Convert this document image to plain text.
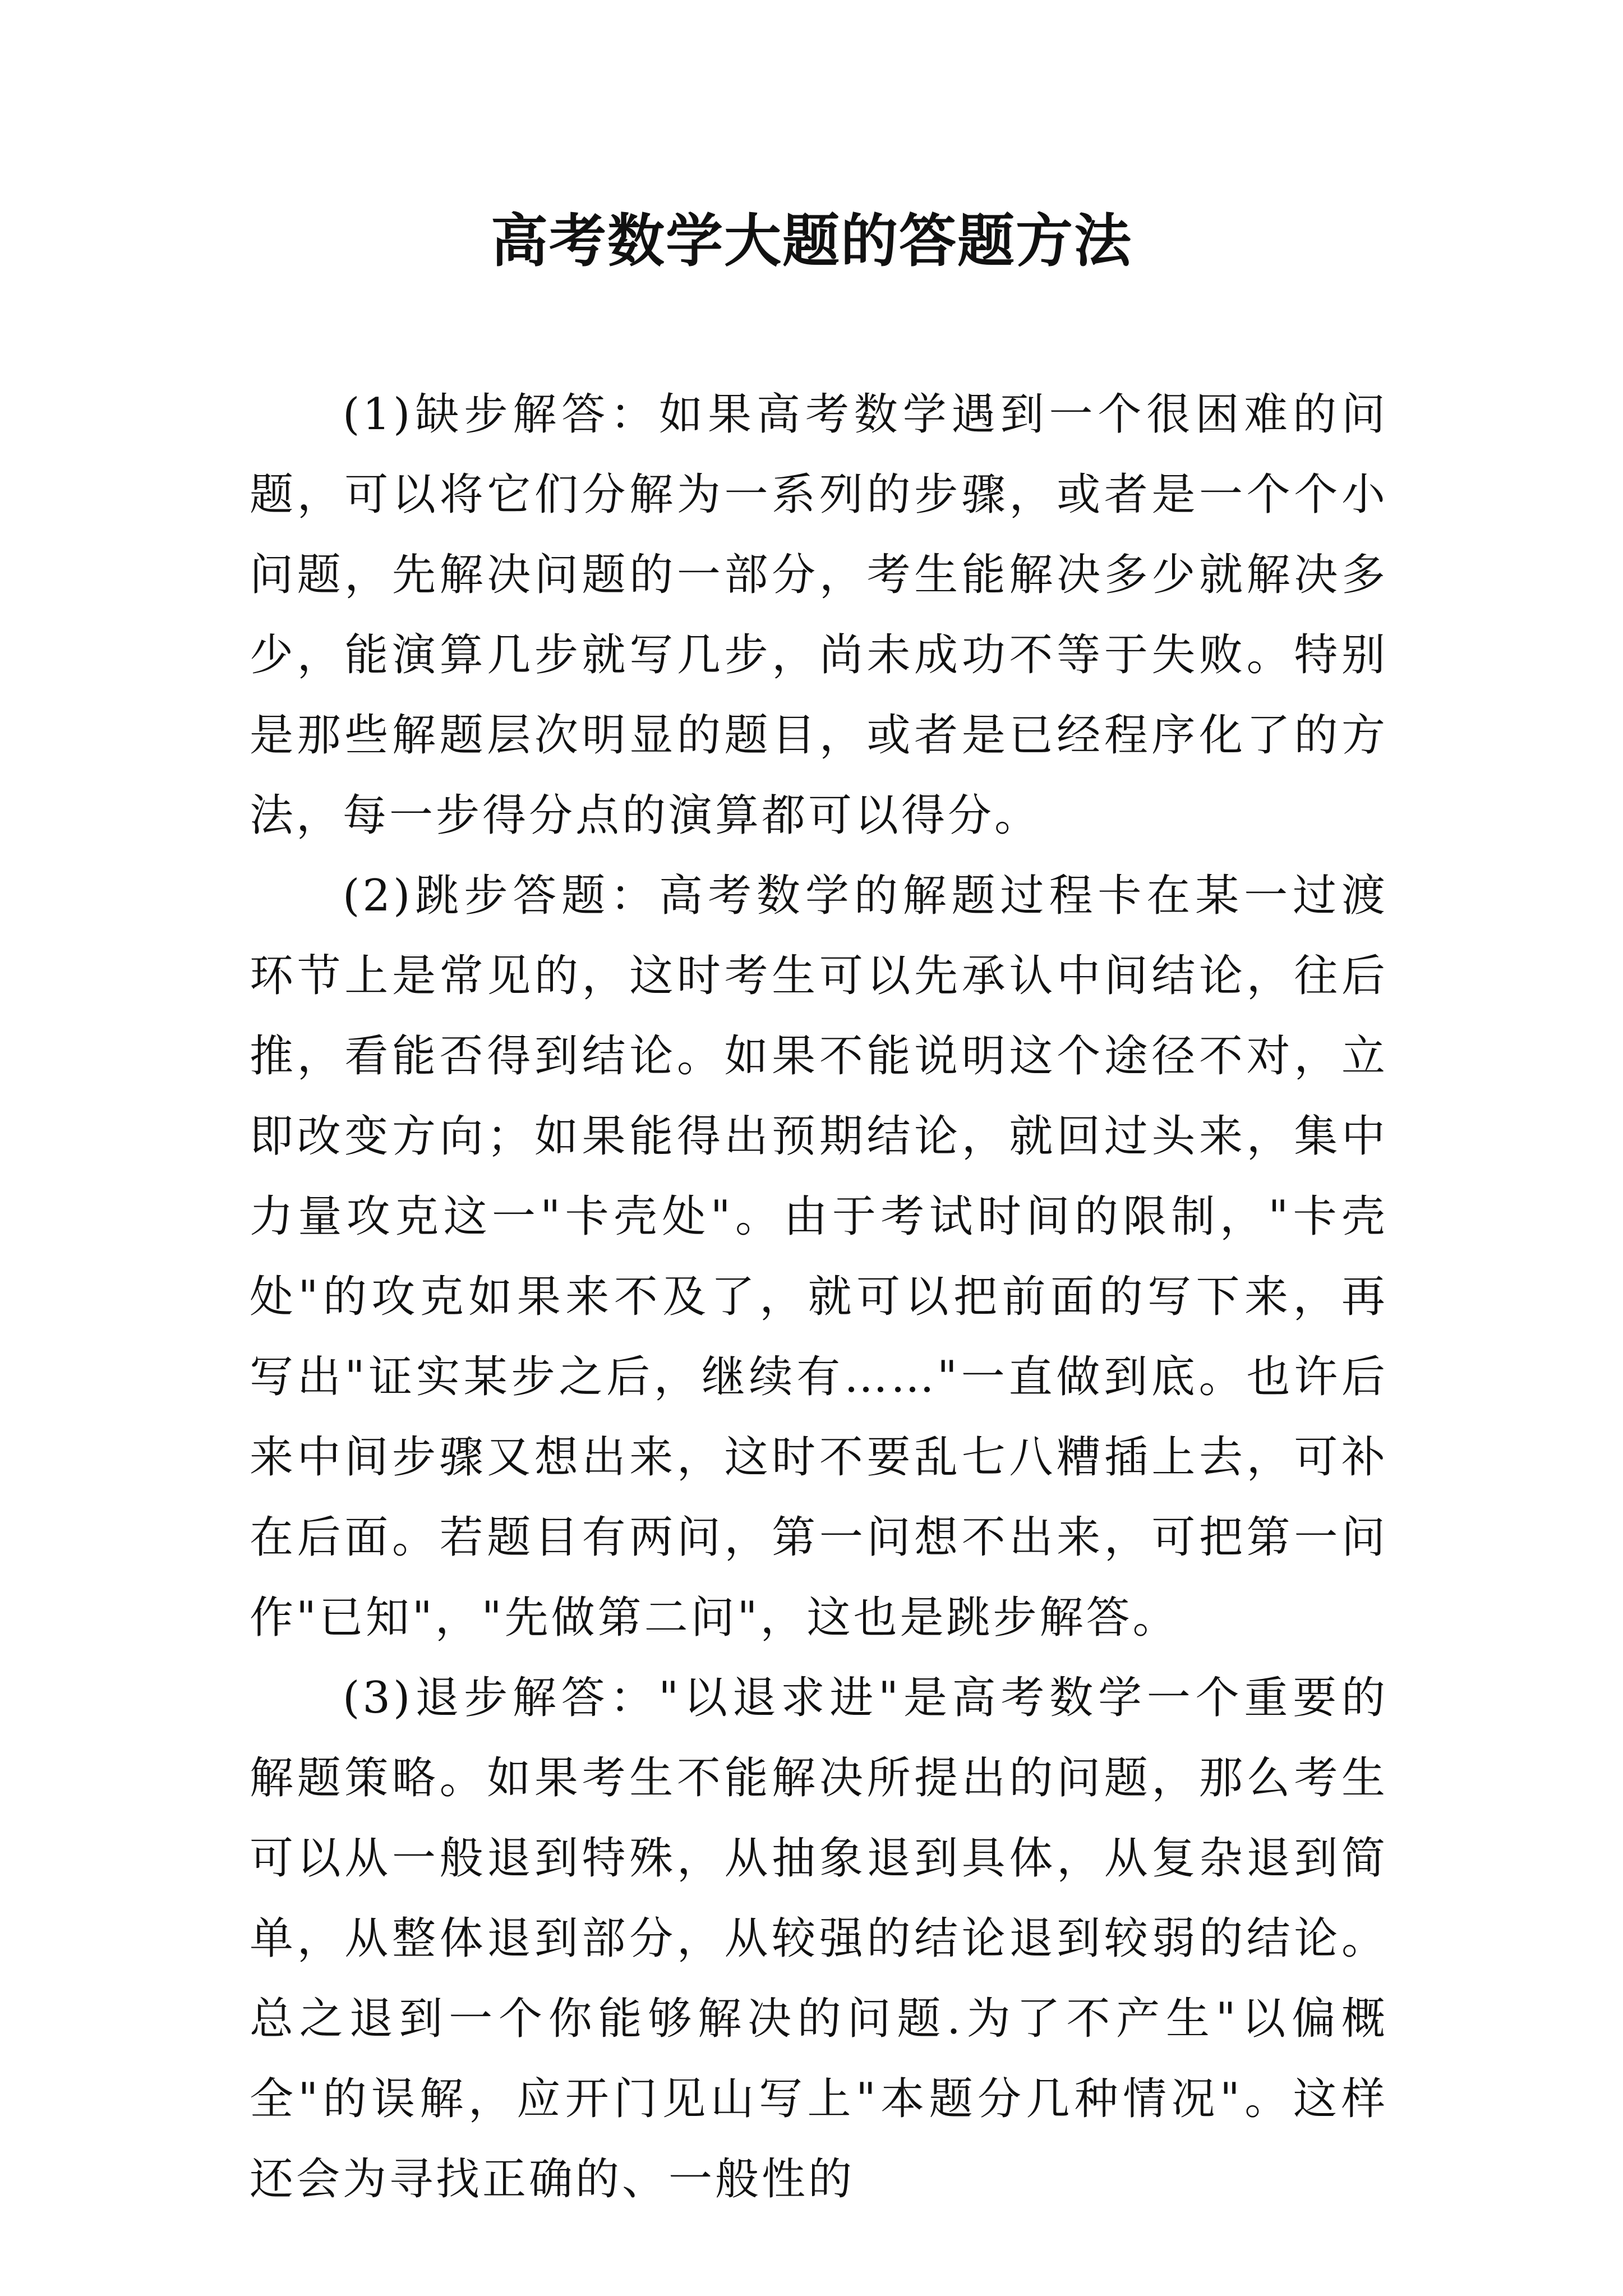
高考数学大题的答题方法

(1)缺步解答：如果高考数学遇到一个很困难的问题，可以将它们分解为一系列的步骤，或者是一个个小问题，先解决问题的一部分，考生能解决多少就解决多少，能演算几步就写几步，尚未成功不等于失败。特别是那些解题层次明显的题目，或者是已经程序化了的方法，每一步得分点的演算都可以得分。

(2)跳步答题：高考数学的解题过程卡在某一过渡环节上是常见的，这时考生可以先承认中间结论，往后推，看能否得到结论。如果不能说明这个途径不对，立即改变方向；如果能得出预期结论，就回过头来，集中力量攻克这一"卡壳处"。由于考试时间的限制，"卡壳处"的攻克如果来不及了，就可以把前面的写下来，再写出"证实某步之后，继续有……"一直做到底。也许后来中间步骤又想出来，这时不要乱七八糟插上去，可补在后面。若题目有两问，第一问想不出来，可把第一问作"已知"，"先做第二问"，这也是跳步解答。

(3)退步解答："以退求进"是高考数学一个重要的解题策略。如果考生不能解决所提出的问题，那么考生可以从一般退到特殊，从抽象退到具体，从复杂退到简单，从整体退到部分，从较强的结论退到较弱的结论。总之退到一个你能够解决的问题.为了不产生"以偏概全"的误解，应开门见山写上"本题分几种情况"。这样还会为寻找正确的、一般性的
